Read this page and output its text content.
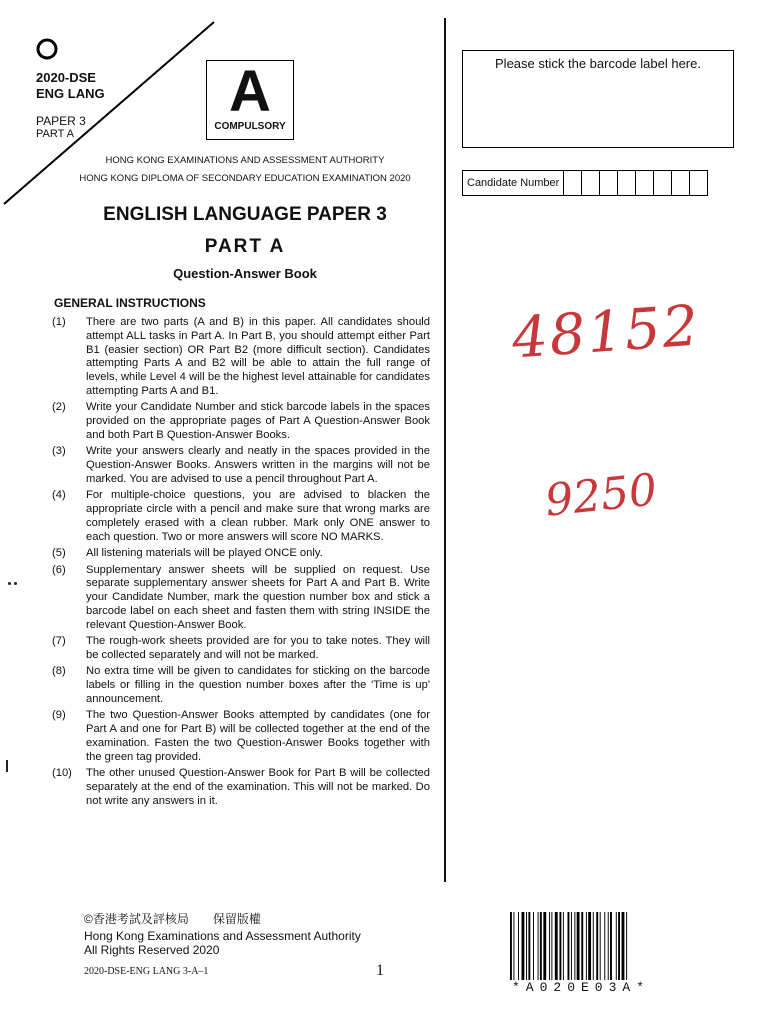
2020-DSE
ENG LANG
PAPER 3
PART A
A
COMPULSORY
HONG KONG EXAMINATIONS AND ASSESSMENT AUTHORITY
HONG KONG DIPLOMA OF SECONDARY EDUCATION EXAMINATION 2020
ENGLISH LANGUAGE PAPER 3
PART A
Question-Answer Book
GENERAL INSTRUCTIONS
(1)	There are two parts (A and B) in this paper. All candidates should attempt ALL tasks in Part A. In Part B, you should attempt either Part B1 (easier section) OR Part B2 (more difficult section). Candidates attempting Parts A and B2 will be able to attain the full range of levels, while Level 4 will be the highest level attainable for candidates attempting Parts A and B1.
(2)	Write your Candidate Number and stick barcode labels in the spaces provided on the appropriate pages of Part A Question-Answer Book and both Part B Question-Answer Books.
(3)	Write your answers clearly and neatly in the spaces provided in the Question-Answer Books. Answers written in the margins will not be marked. You are advised to use a pencil throughout Part A.
(4)	For multiple-choice questions, you are advised to blacken the appropriate circle with a pencil and make sure that wrong marks are completely erased with a clean rubber. Mark only ONE answer to each question. Two or more answers will score NO MARKS.
(5)	All listening materials will be played ONCE only.
(6)	Supplementary answer sheets will be supplied on request. Use separate supplementary answer sheets for Part A and Part B. Write your Candidate Number, mark the question number box and stick a barcode label on each sheet and fasten them with string INSIDE the relevant Question-Answer Book.
(7)	The rough-work sheets provided are for you to take notes. They will be collected separately and will not be marked.
(8)	No extra time will be given to candidates for sticking on the barcode labels or filling in the question number boxes after the 'Time is up' announcement.
(9)	The two Question-Answer Books attempted by candidates (one for Part A and one for Part B) will be collected together at the end of the examination. Fasten the two Question-Answer Books together with the green tag provided.
(10)	The other unused Question-Answer Book for Part B will be collected separately at the end of the examination. This will not be marked. Do not write any answers in it.
Please stick the barcode label here.
Candidate Number
48152
9250
©香港考試及評核局　　保留版權
Hong Kong Examinations and Assessment Authority
All Rights Reserved 2020
2020-DSE-ENG LANG 3-A–1	1
*A020E03A*
